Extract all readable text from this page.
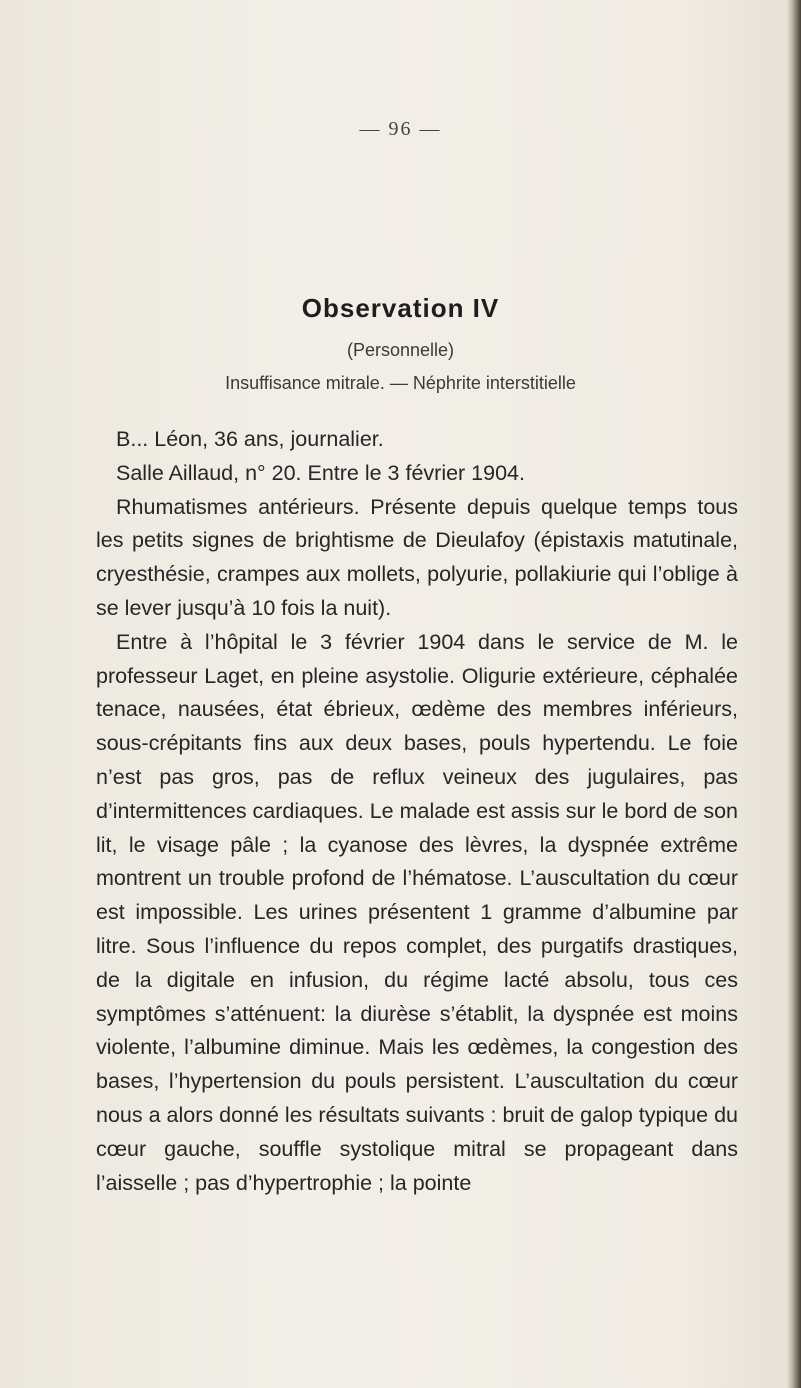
— 96 —
Observation IV
(Personnelle)
Insuffisance mitrale. — Néphrite interstitielle

B... Léon, 36 ans, journalier.

Salle Aillaud, n° 20. Entre le 3 février 1904.

Rhumatismes antérieurs. Présente depuis quelque temps tous les petits signes de brightisme de Dieulafoy (épistaxis matutinale, cryesthésie, crampes aux mollets, polyurie, pollakiurie qui l’oblige à se lever jusqu’à 10 fois la nuit).

Entre à l’hôpital le 3 février 1904 dans le service de M. le professeur Laget, en pleine asystolie. Oligurie extérieure, céphalée tenace, nausées, état ébrieux, œdème des membres inférieurs, sous-crépitants fins aux deux bases, pouls hypertendu. Le foie n’est pas gros, pas de reflux veineux des jugulaires, pas d’intermittences cardiaques. Le malade est assis sur le bord de son lit, le visage pâle ; la cyanose des lèvres, la dyspnée extrême montrent un trouble profond de l’hématose. L’auscultation du cœur est impossible. Les urines présentent 1 gramme d’albumine par litre. Sous l’influence du repos complet, des purgatifs drastiques, de la digitale en infusion, du régime lacté absolu, tous ces symptômes s’atténuent: la diurèse s’établit, la dyspnée est moins violente, l’albumine diminue. Mais les œdèmes, la congestion des bases, l’hypertension du pouls persistent. L’auscultation du cœur nous a alors donné les résultats suivants : bruit de galop typique du cœur gauche, souffle systolique mitral se propageant dans l’aisselle ; pas d’hypertrophie ; la pointe
